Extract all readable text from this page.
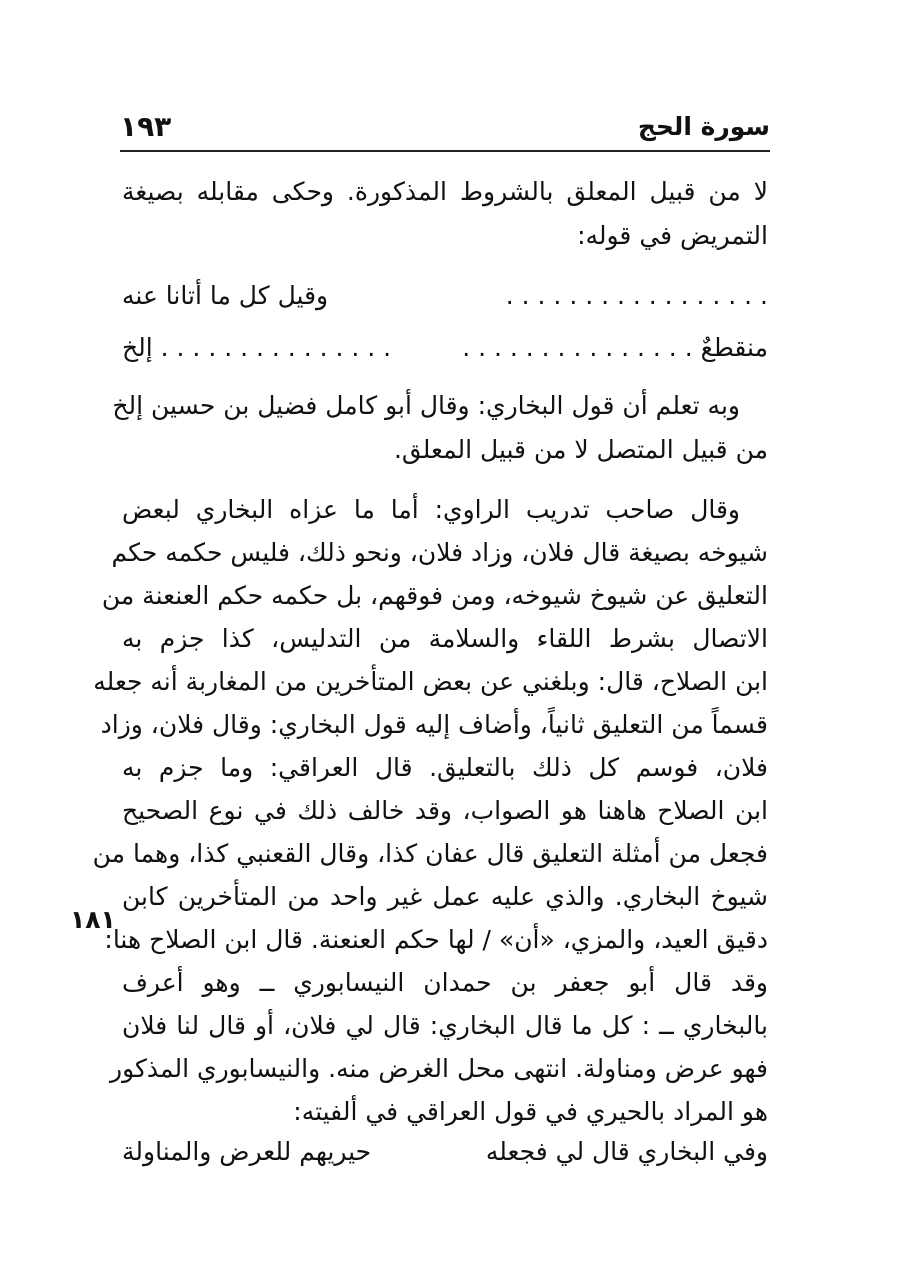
سورة الحج
١٩٣
١٨١
لا من قبيل المعلق بالشروط المذكورة. وحكى مقابله بصيغة
التمريض في قوله:
. . . . . . . . . . . . . . . . .
وقيل كل ما أتانا عنه
منقطعٌ . . . . . . . . . . . . . . .
. . . . . . . . . . . . . . . إلخ
وبه تعلم أن قول البخاري: وقال أبو كامل فضيل بن حسين إلخ
من قبيل المتصل لا من قبيل المعلق.
وقال صاحب تدريب الراوي: أما ما عزاه البخاري لبعض
شيوخه بصيغة قال فلان، وزاد فلان، ونحو ذلك، فليس حكمه حكم
التعليق عن شيوخ شيوخه، ومن فوقهم، بل حكمه حكم العنعنة من
الاتصال بشرط اللقاء والسلامة من التدليس، كذا جزم به
ابن الصلاح، قال: وبلغني عن بعض المتأخرين من المغاربة أنه جعله
قسماً من التعليق ثانياً، وأضاف إليه قول البخاري: وقال فلان، وزاد
فلان، فوسم كل ذلك بالتعليق. قال العراقي: وما جزم به
ابن الصلاح هاهنا هو الصواب، وقد خالف ذلك في نوع الصحيح
فجعل من أمثلة التعليق قال عفان كذا، وقال القعنبي كذا، وهما من
شيوخ البخاري. والذي عليه عمل غير واحد من المتأخرين كابن
دقيق العيد، والمزي، «أن» / لها حكم العنعنة. قال ابن الصلاح هنا:
وقد قال أبو جعفر بن حمدان النيسابوري ــ وهو أعرف
بالبخاري ــ : كل ما قال البخاري: قال لي فلان، أو قال لنا فلان
فهو عرض ومناولة. انتهى محل الغرض منه. والنيسابوري المذكور
هو المراد بالحيري في قول العراقي في ألفيته:
وفي البخاري قال لي فجعله
حيريهم للعرض والمناولة
